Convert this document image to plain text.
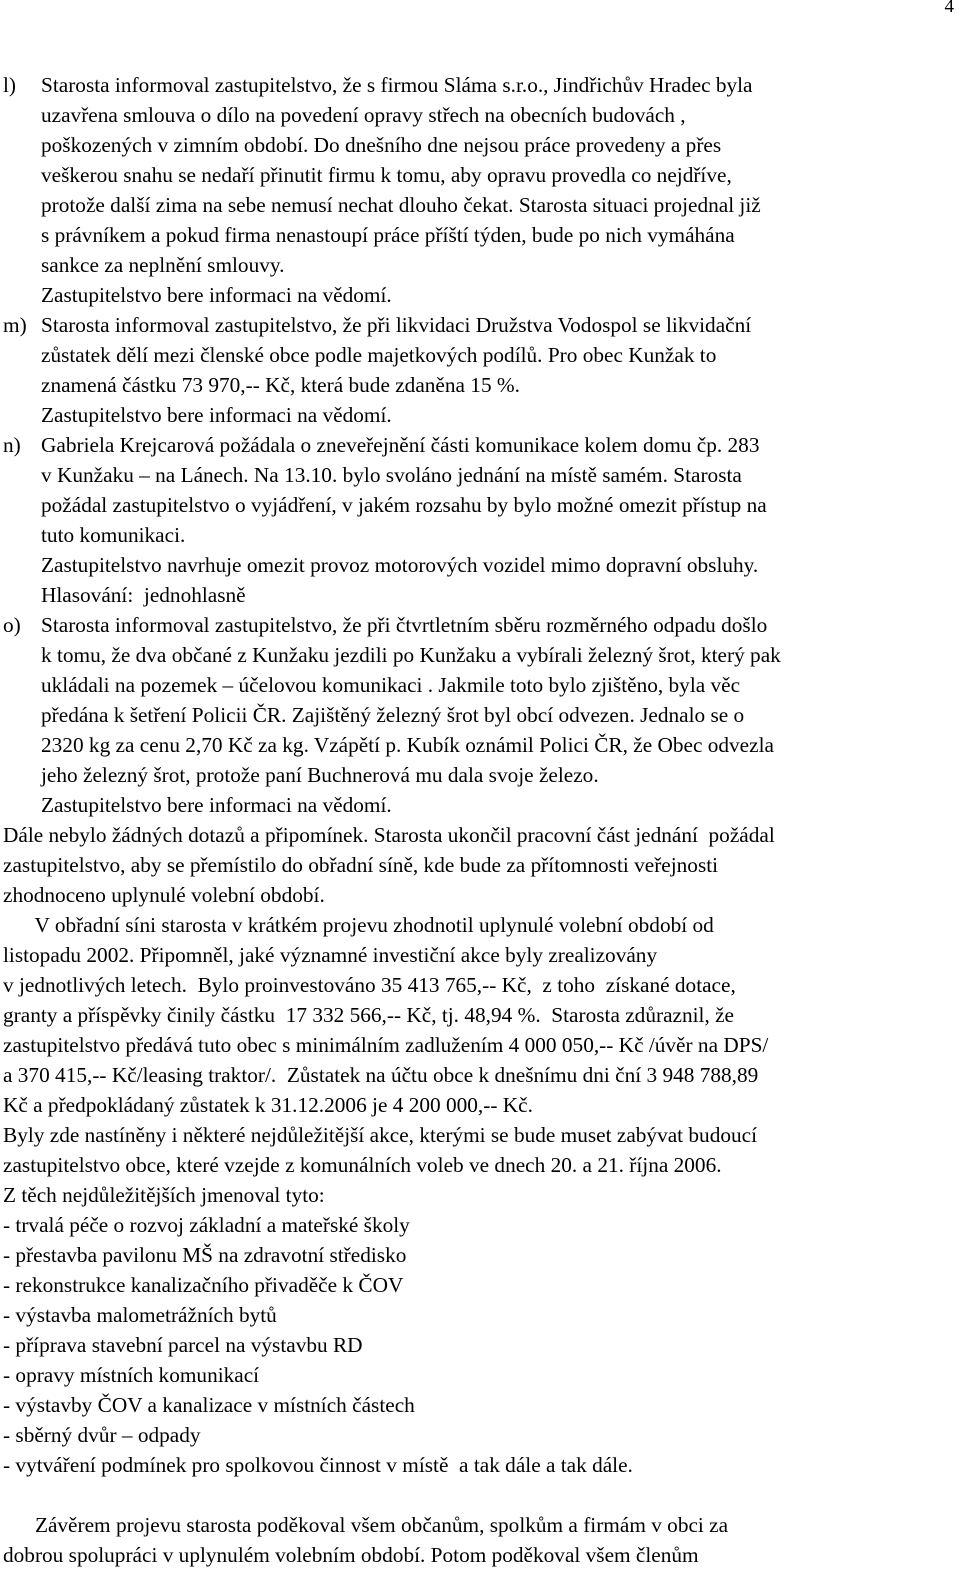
4
l)	Starosta informoval zastupitelstvo, že s firmou Sláma s.r.o., Jindřichův Hradec byla
uzavřena smlouva o dílo na povedení opravy střech na obecních budovách ,
poškozených v zimním období. Do dnešního dne nejsou práce provedeny a přes
veškerou snahu se nedaří přinutit firmu k tomu, aby opravu provedla co nejdříve,
protože další zima na sebe nemusí nechat dlouho čekat. Starosta situaci projednal již
s právníkem a pokud firma nenastoupí práce příští týden, bude po nich vymáhána
sankce za neplnění smlouvy.
Zastupitelstvo bere informaci na vědomí.
m) Starosta informoval zastupitelstvo, že při likvidaci Družstva Vodospol se likvidační
zůstatek dělí mezi členské obce podle majetkových podílů. Pro obec Kunžak to
znamená částku 73 970,-- Kč, která bude zdaněna 15 %.
Zastupitelstvo bere informaci na vědomí.
n) Gabriela Krejcarová požádala o zneveřejnění části komunikace kolem domu čp. 283
v Kunžaku – na Lánech. Na 13.10. bylo svoláno jednání na místě samém. Starosta
požádal zastupitelstvo o vyjádření, v jakém rozsahu by bylo možné omezit přístup na
tuto komunikaci.
Zastupitelstvo navrhuje omezit provoz motorových vozidel mimo dopravní obsluhy.
Hlasování:  jednohlasně
o) Starosta informoval zastupitelstvo, že při čtvrtletním sběru rozměrného odpadu došlo
k tomu, že dva občané z Kunžaku jezdili po Kunžaku a vybírali železný šrot, který pak
ukládali na pozemek – účelovou komunikaci . Jakmile toto bylo zjištěno, byla věc
předána k šetření Policii ČR. Zajištěný železný šrot byl obcí odvezen. Jednalo se o
2320 kg za cenu 2,70 Kč za kg. Vzápětí p. Kubík oznámil Polici ČR, že Obec odvezla
jeho železný šrot, protože paní Buchnerová mu dala svoje železo.
Zastupitelstvo bere informaci na vědomí.
Dále nebylo žádných dotazů a připomínek. Starosta ukončil pracovní část jednání  požádal
zastupitelstvo, aby se přemístilo do obřadní síně, kde bude za přítomnosti veřejnosti
zhodnoceno uplynulé volební období.
V obřadní síni starosta v krátkém projevu zhodnotil uplynulé volební období od
listopadu 2002. Připomněl, jaké významné investiční akce byly zrealizovány
v jednotlivých letech.  Bylo proinvestováno 35 413 765,-- Kč,  z toho  získané dotace,
granty a příspěvky činily částku  17 332 566,-- Kč, tj. 48,94 %.  Starosta zdůraznil, že
zastupitelstvo předává tuto obec s minimálním zadlužením 4 000 050,-- Kč /úvěr na DPS/
a 370 415,-- Kč/leasing traktor/.  Zůstatek na účtu obce k dnešnímu dni ční 3 948 788,89
Kč a předpokládaný zůstatek k 31.12.2006 je 4 200 000,-- Kč.
Byly zde nastíněny i některé nejdůležitější akce, kterými se bude muset zabývat budoucí
zastupitelstvo obce, které vzejde z komunálních voleb ve dnech 20. a 21. října 2006.
Z těch nejdůležitějších jmenoval tyto:
- trvalá péče o rozvoj základní a mateřské školy
- přestavba pavilonu MŠ na zdravotní středisko
- rekonstrukce kanalizačního přivaděče k ČOV
- výstavba malometrážních bytů
- příprava stavební parcel na výstavbu RD
- opravy místních komunikací
- výstavby ČOV a kanalizace v místních částech
- sběrný dvůr – odpady
- vytváření podmínek pro spolkovou činnost v místě  a tak dále a tak dále.
Závěrem projevu starosta poděkoval všem občanům, spolkům a firmám v obci za
dobrou spolupráci v uplynulém volebním období. Potom poděkoval všem členům
